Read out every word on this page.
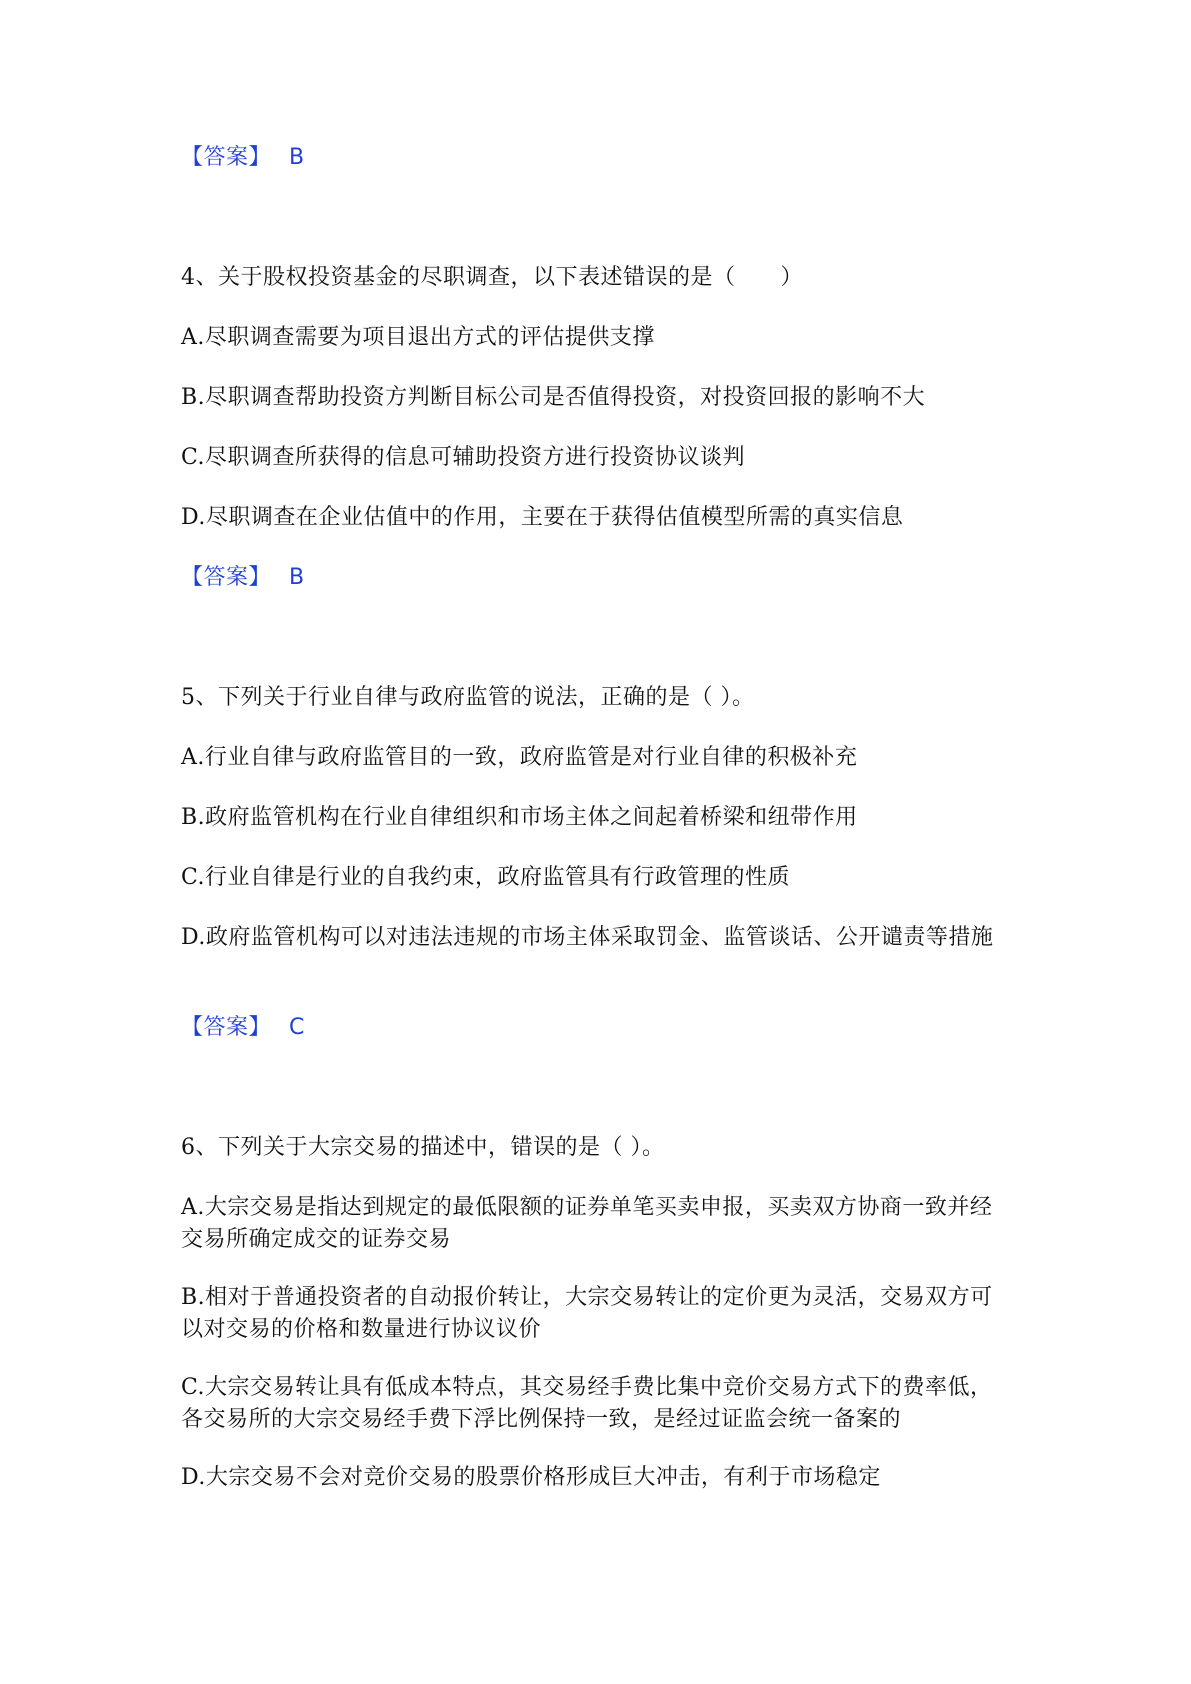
【答案】 B
4、关于股权投资基金的尽职调查，以下表述错误的是（　　）
A.尽职调查需要为项目退出方式的评估提供支撑
B.尽职调查帮助投资方判断目标公司是否值得投资，对投资回报的影响不大
C.尽职调查所获得的信息可辅助投资方进行投资协议谈判
D.尽职调查在企业估值中的作用，主要在于获得估值模型所需的真实信息
【答案】 B
5、下列关于行业自律与政府监管的说法，正确的是（ ）。
A.行业自律与政府监管目的一致，政府监管是对行业自律的积极补充
B.政府监管机构在行业自律组织和市场主体之间起着桥梁和纽带作用
C.行业自律是行业的自我约束，政府监管具有行政管理的性质
D.政府监管机构可以对违法违规的市场主体采取罚金、监管谈话、公开谴责等措施
【答案】 C
6、下列关于大宗交易的描述中，错误的是（ ）。
A.大宗交易是指达到规定的最低限额的证券单笔买卖申报，买卖双方协商一致并经交易所确定成交的证券交易
B.相对于普通投资者的自动报价转让，大宗交易转让的定价更为灵活，交易双方可以对交易的价格和数量进行协议议价
C.大宗交易转让具有低成本特点，其交易经手费比集中竞价交易方式下的费率低，各交易所的大宗交易经手费下浮比例保持一致，是经过证监会统一备案的
D.大宗交易不会对竞价交易的股票价格形成巨大冲击，有利于市场稳定
